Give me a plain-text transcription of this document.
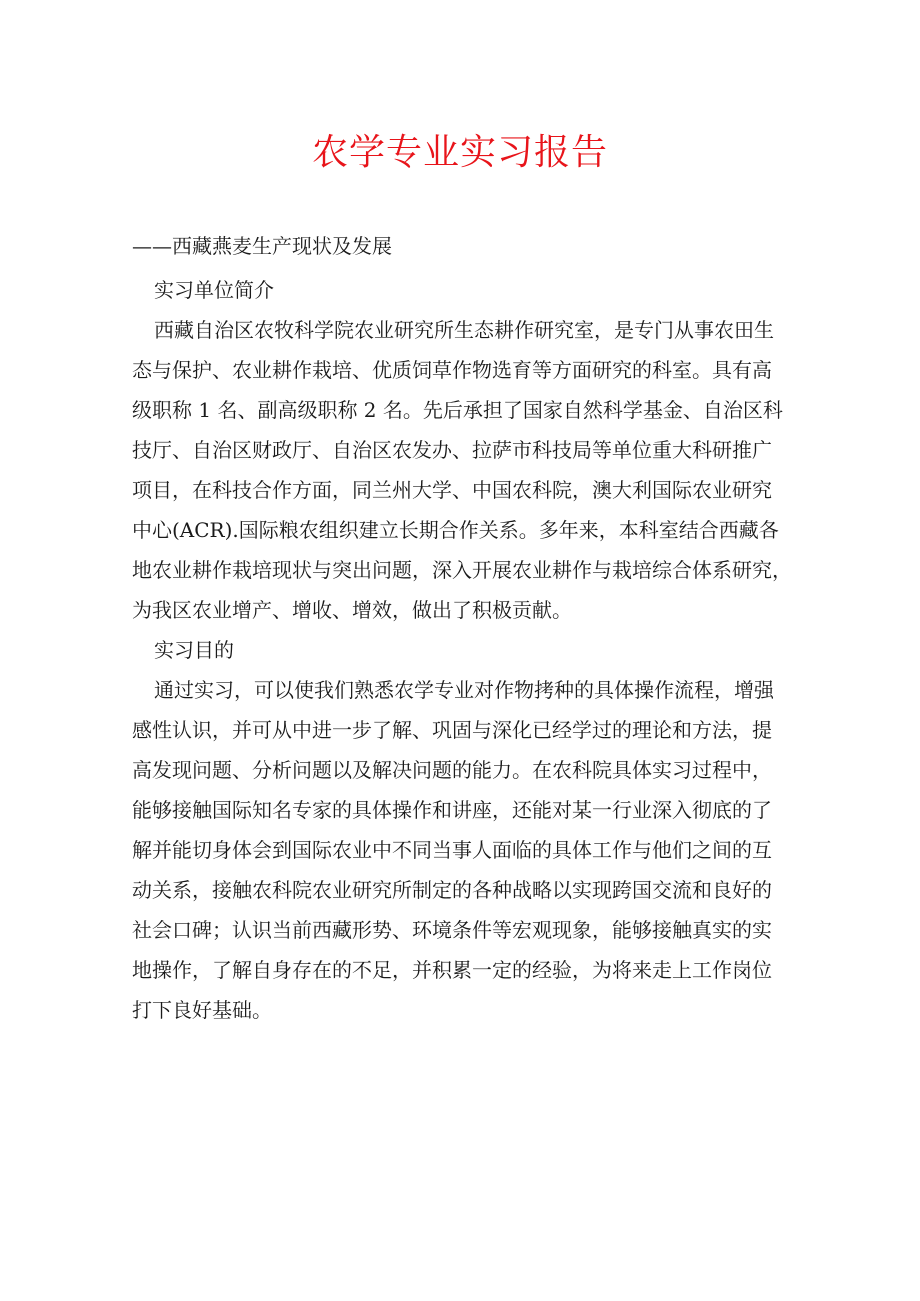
农学专业实习报告
——西藏燕麦生产现状及发展
实习单位简介
西藏自治区农牧科学院农业研究所生态耕作研究室，是专门从事农田生
态与保护、农业耕作栽培、优质饲草作物选育等方面研究的科室。具有高
级职称 1 名、副高级职称 2 名。先后承担了国家自然科学基金、自治区科
技厅、自治区财政厅、自治区农发办、拉萨市科技局等单位重大科研推广
项目，在科技合作方面，同兰州大学、中国农科院，澳大利国际农业研究
中心(ACR).国际粮农组织建立长期合作关系。多年来，本科室结合西藏各
地农业耕作栽培现状与突出问题，深入开展农业耕作与栽培综合体系研究，
为我区农业增产、增收、增效，做出了积极贡献。
实习目的
通过实习，可以使我们熟悉农学专业对作物拷种的具体操作流程，增强
感性认识，并可从中进一步了解、巩固与深化已经学过的理论和方法，提
高发现问题、分析问题以及解决问题的能力。在农科院具体实习过程中，
能够接触国际知名专家的具体操作和讲座，还能对某一行业深入彻底的了
解并能切身体会到国际农业中不同当事人面临的具体工作与他们之间的互
动关系，接触农科院农业研究所制定的各种战略以实现跨国交流和良好的
社会口碑；认识当前西藏形势、环境条件等宏观现象，能够接触真实的实
地操作，了解自身存在的不足，并积累一定的经验，为将来走上工作岗位
打下良好基础。
